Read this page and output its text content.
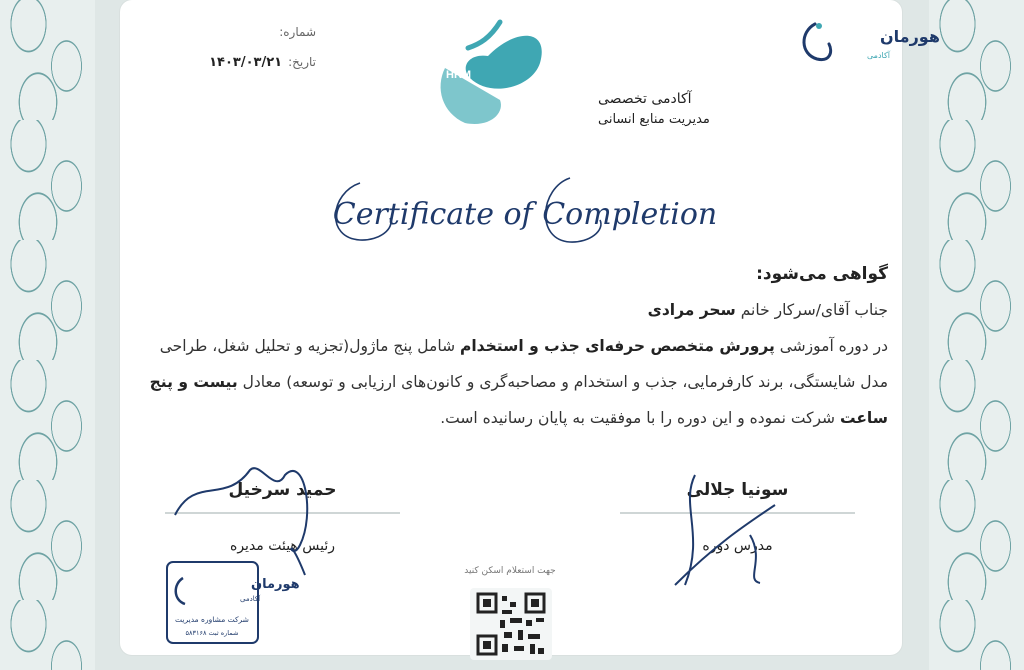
شماره:
تاریخ:
۱۴۰۳/۰۳/۲۱
HRM
آکادمی تخصصی
مدیریت منابع انسانی
هورمان
آکادمی
Certificate of Completion
گواهی می‌شود:
جناب آقای/سرکار خانم سحر مرادی
در دوره آموزشی پرورش متخصص حرفه‌ای جذب و استخدام شامل پنج ماژول(تجزیه و تحلیل شغل، طراحی مدل شایستگی، برند کارفرمایی، جذب و استخدام و مصاحبه‌گری و کانون‌های ارزیابی و توسعه) معادل بیست و پنج ساعت شرکت نموده و این دوره را با موفقیت به پایان رسانیده است.
حمید سرخیل
رئیس هیئت مدیره
سونیا جلالی
مدرس دوره
هورمان
آکادمی
شرکت مشاوره مدیریت
شماره ثبت ۵۸۳۱۶۸
جهت استعلام اسکن کنید
